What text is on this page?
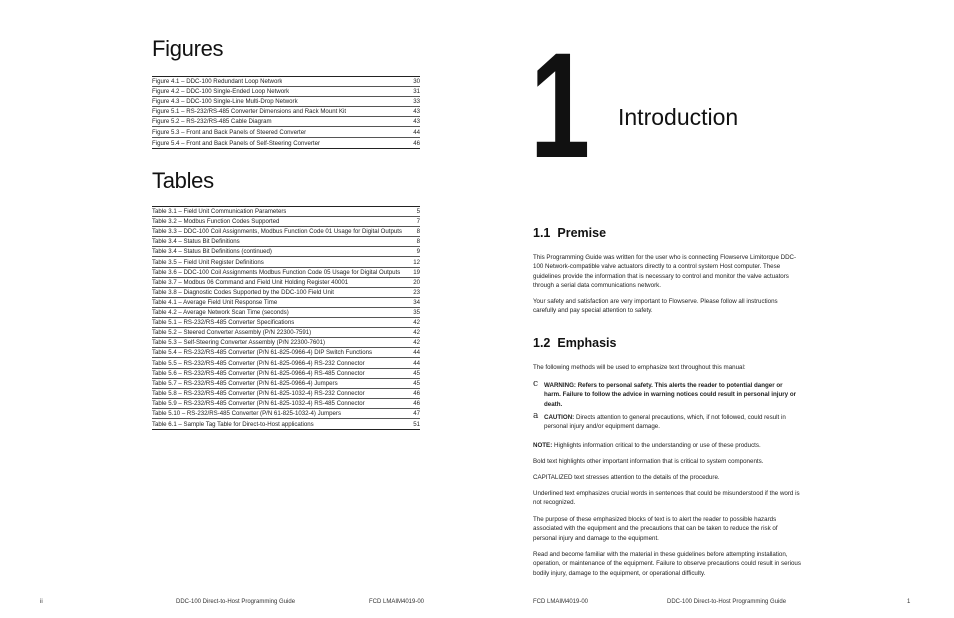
Figures
Figure 4.1 – DDC-100 Redundant Loop Network	30
Figure 4.2 – DDC-100 Single-Ended Loop Network	31
Figure 4.3 – DDC-100 Single-Line Multi-Drop Network	33
Figure 5.1 – RS-232/RS-485 Converter Dimensions and Rack Mount Kit	43
Figure 5.2 – RS-232/RS-485 Cable Diagram	43
Figure 5.3 – Front and Back Panels of Steered Converter	44
Figure 5.4 – Front and Back Panels of Self-Steering Converter	46
Tables
Table 3.1 – Field Unit Communication Parameters	5
Table 3.2 – Modbus Function Codes Supported	7
Table 3.3 – DDC-100 Coil Assignments, Modbus Function Code 01 Usage for Digital Outputs	8
Table 3.4 – Status Bit Definitions	8
Table 3.4 – Status Bit Definitions (continued)	9
Table 3.5 – Field Unit Register Definitions	12
Table 3.6 – DDC-100 Coil Assignments Modbus Function Code 05 Usage for Digital Outputs	19
Table 3.7 – Modbus 06 Command and Field Unit Holding Register 40001	20
Table 3.8 – Diagnostic Codes Supported by the DDC-100 Field Unit	23
Table 4.1 – Average Field Unit Response Time	34
Table 4.2 – Average Network Scan Time (seconds)	35
Table 5.1 – RS-232/RS-485 Converter Specifications	42
Table 5.2 – Steered Converter Assembly (P/N 22300-7591)	42
Table 5.3 – Self-Steering Converter Assembly (P/N 22300-7601)	42
Table 5.4 – RS-232/RS-485 Converter (P/N 61-825-0966-4) DIP Switch Functions	44
Table 5.5 – RS-232/RS-485 Converter (P/N 61-825-0966-4) RS-232 Connector	44
Table 5.6 – RS-232/RS-485 Converter (P/N 61-825-0966-4) RS-485 Connector	45
Table 5.7 – RS-232/RS-485 Converter (P/N 61-825-0966-4) Jumpers	45
Table 5.8 – RS-232/RS-485 Converter (P/N 61-825-1032-4) RS-232 Connector	46
Table 5.9 – RS-232/RS-485 Converter (P/N 61-825-1032-4) RS-485 Connector	46
Table 5.10 – RS-232/RS-485 Converter (P/N 61-825-1032-4) Jumpers	47
Table 6.1 – Sample Tag Table for Direct-to-Host applications	51
ii	DDC-100 Direct-to-Host Programming Guide	FCD LMAIM4019-00
1 Introduction
1.1 Premise

This Programming Guide was written for the user who is connecting Flowserve Limitorque DDC-100 Network-compatible valve actuators directly to a control system Host computer. These guidelines provide the information that is necessary to control and monitor the valve actuators through a serial data communications network.

Your safety and satisfaction are very important to Flowserve. Please follow all instructions carefully and pay special attention to safety.

1.2 Emphasis

The following methods will be used to emphasize text throughout this manual:

c WARNING: Refers to personal safety. This alerts the reader to potential danger or harm. Failure to follow the advice in warning notices could result in personal injury or death.
a CAUTION: Directs attention to general precautions, which, if not followed, could result in personal injury and/or equipment damage.

NOTE: Highlights information critical to the understanding or use of these products.

Bold text highlights other important information that is critical to system components.

CAPITALIZED text stresses attention to the details of the procedure.

Underlined text emphasizes crucial words in sentences that could be misunderstood if the word is not recognized.

The purpose of these emphasized blocks of text is to alert the reader to possible hazards associated with the equipment and the precautions that can be taken to reduce the risk of personal injury and damage to the equipment.

Read and become familiar with the material in these guidelines before attempting installation, operation, or maintenance of the equipment. Failure to observe precautions could result in serious bodily injury, damage to the equipment, or operational difficulty.

FCD LMAIM4019-00	DDC-100 Direct-to-Host Programming Guide	1
